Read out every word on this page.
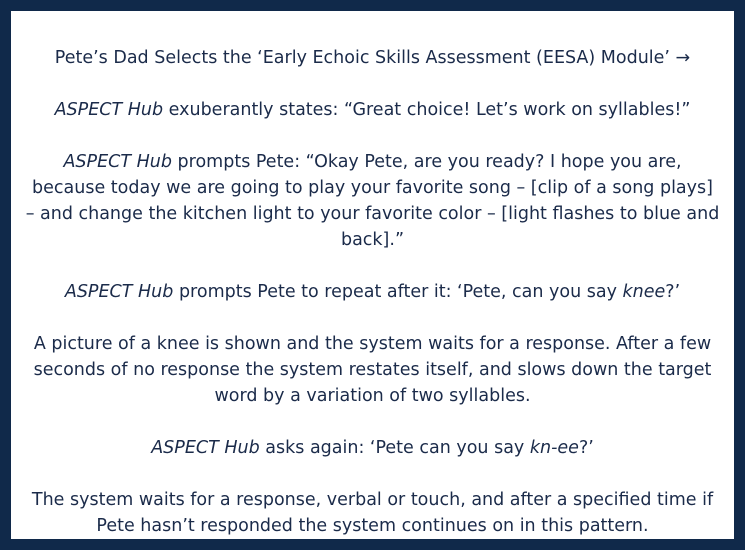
Pete’s Dad Selects the ‘Early Echoic Skills Assessment (EESA) Module’ →

ASPECT Hub exuberantly states: “Great choice! Let’s work on syllables!”

ASPECT Hub prompts Pete: “Okay Pete, are you ready? I hope you are, because today we are going to play your favorite song – [clip of a song plays] – and change the kitchen light to your favorite color – [light flashes to blue and back].”

ASPECT Hub prompts Pete to repeat after it: ‘Pete, can you say knee?’

A picture of a knee is shown and the system waits for a response. After a few seconds of no response the system restates itself, and slows down the target word by a variation of two syllables.

ASPECT Hub asks again: ‘Pete can you say kn-ee?’

The system waits for a response, verbal or touch, and after a specified time if Pete hasn’t responded the system continues on in this pattern.
